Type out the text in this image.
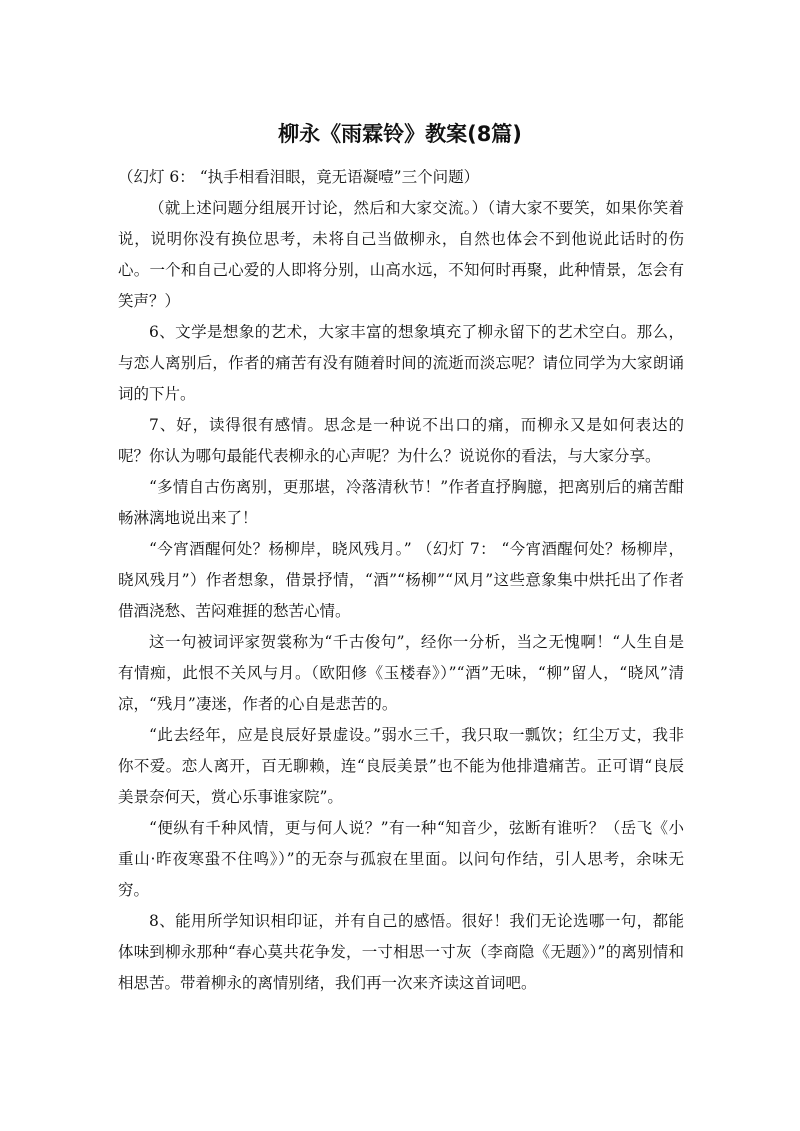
柳永《雨霖铃》教案(8篇)

（幻灯 6： “执手相看泪眼，竟无语凝噎”三个问题）

（就上述问题分组展开讨论，然后和大家交流。）（请大家不要笑，如果你笑着说，说明你没有换位思考，未将自己当做柳永，自然也体会不到他说此话时的伤心。一个和自己心爱的人即将分别，山高水远，不知何时再聚，此种情景，怎会有笑声？）

6、文学是想象的艺术，大家丰富的想象填充了柳永留下的艺术空白。那么，与恋人离别后，作者的痛苦有没有随着时间的流逝而淡忘呢？请位同学为大家朗诵词的下片。

7、好，读得很有感情。思念是一种说不出口的痛，而柳永又是如何表达的呢？你认为哪句最能代表柳永的心声呢？为什么？说说你的看法，与大家分享。

“多情自古伤离别，更那堪，冷落清秋节！”作者直抒胸臆，把离别后的痛苦酣畅淋漓地说出来了！

“今宵酒醒何处？杨柳岸，晓风残月。” （幻灯 7： “今宵酒醒何处？杨柳岸，晓风残月”）作者想象，借景抒情，“酒”“杨柳”“风月”这些意象集中烘托出了作者借酒浇愁、苦闷难捱的愁苦心情。

这一句被词评家贺裳称为“千古俊句”，经你一分析，当之无愧啊！“人生自是有情痴，此恨不关风与月。（欧阳修《玉楼春》）”“酒”无味，“柳”留人，“晓风”清凉，“残月”凄迷，作者的心自是悲苦的。

“此去经年，应是良辰好景虚设。”弱水三千，我只取一瓢饮；红尘万丈，我非你不爱。恋人离开，百无聊赖，连“良辰美景”也不能为他排遣痛苦。正可谓“良辰美景奈何天，赏心乐事谁家院”。

“便纵有千种风情，更与何人说？”有一种“知音少，弦断有谁听？（岳飞《小重山·昨夜寒蛩不住鸣》）”的无奈与孤寂在里面。以问句作结，引人思考，余味无穷。

8、能用所学知识相印证，并有自己的感悟。很好！我们无论选哪一句，都能体味到柳永那种“春心莫共花争发，一寸相思一寸灰（李商隐《无题》）”的离别情和相思苦。带着柳永的离情别绪，我们再一次来齐读这首词吧。
